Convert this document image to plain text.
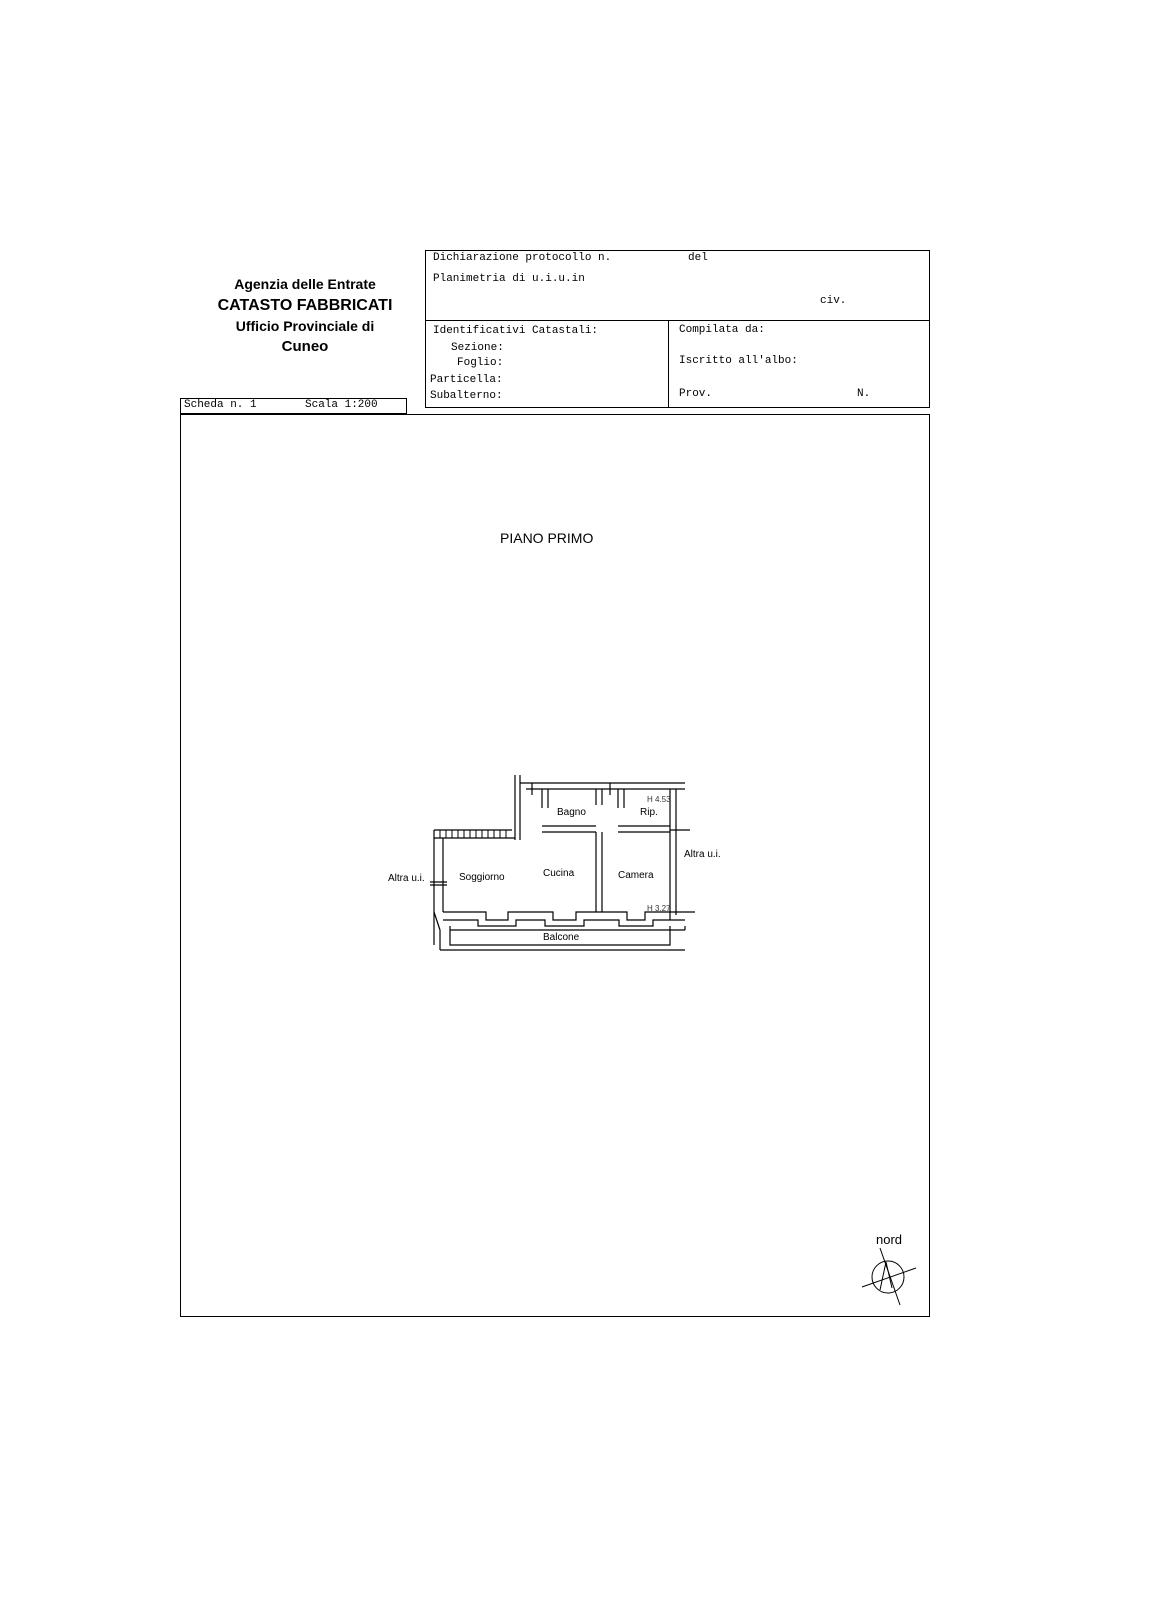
Agenzia delle Entrate
CATASTO FABBRICATI
Ufficio Provinciale di
Cuneo
Dichiarazione protocollo n.	del
Planimetria di u.i.u.in
civ.
Identificativi Catastali:
Sezione:
Foglio:
Particella:
Subalterno:
Compilata da:
Iscritto all'albo:
Prov.	N.
Scheda n. 1	Scala 1:200
PIANO PRIMO
Bagno	Rip.
H 4.53
Soggiorno	Cucina	Camera
H 3.27
Balcone
Altra u.i.
Altra u.i.
nord
